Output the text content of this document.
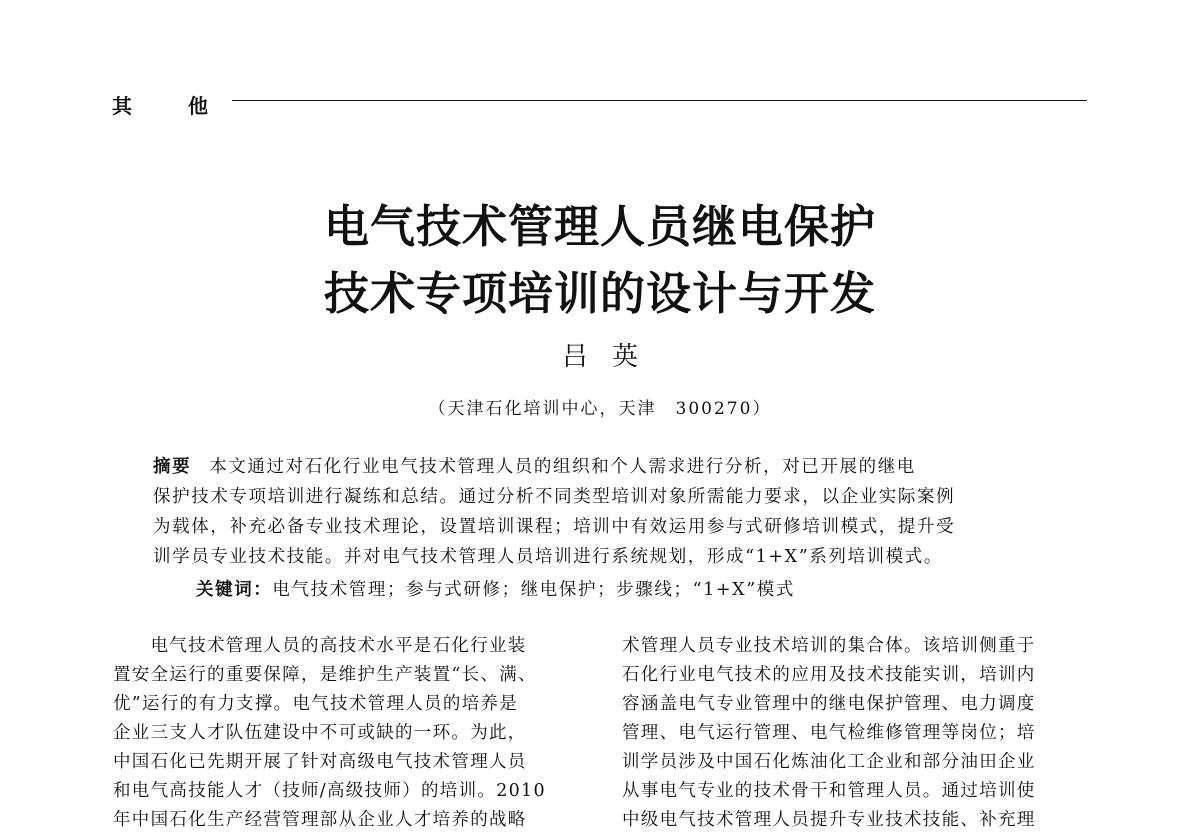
其	他
电气技术管理人员继电保护
技术专项培训的设计与开发
吕英
（天津石化培训中心，天津　300270）
摘要 本文通过对石化行业电气技术管理人员的组织和个人需求进行分析，对已开展的继电
保护技术专项培训进行凝练和总结。通过分析不同类型培训对象所需能力要求，以企业实际案例
为载体，补充必备专业技术理论，设置培训课程；培训中有效运用参与式研修培训模式，提升受
训学员专业技术技能。并对电气技术管理人员培训进行系统规划，形成“1+X”系列培训模式。
关键词：电气技术管理；参与式研修；继电保护；步骤线；“1+X”模式
　　电气技术管理人员的高技术水平是石化行业装
置安全运行的重要保障，是维护生产装置“长、满、
优”运行的有力支撑。电气技术管理人员的培养是
企业三支人才队伍建设中不可或缺的一环。为此，
中国石化已先期开展了针对高级电气技术管理人员
和电气高技能人才（技师/高级技师）的培训。2010
年中国石化生产经营管理部从企业人才培养的战略
术管理人员专业技术培训的集合体。该培训侧重于
石化行业电气技术的应用及技术技能实训，培训内
容涵盖电气专业管理中的继电保护管理、电力调度
管理、电气运行管理、电气检维修管理等岗位；培
训学员涉及中国石化炼油化工企业和部分油田企业
从事电气专业的技术骨干和管理人员。通过培训使
中级电气技术管理人员提升专业技术技能、补充理
